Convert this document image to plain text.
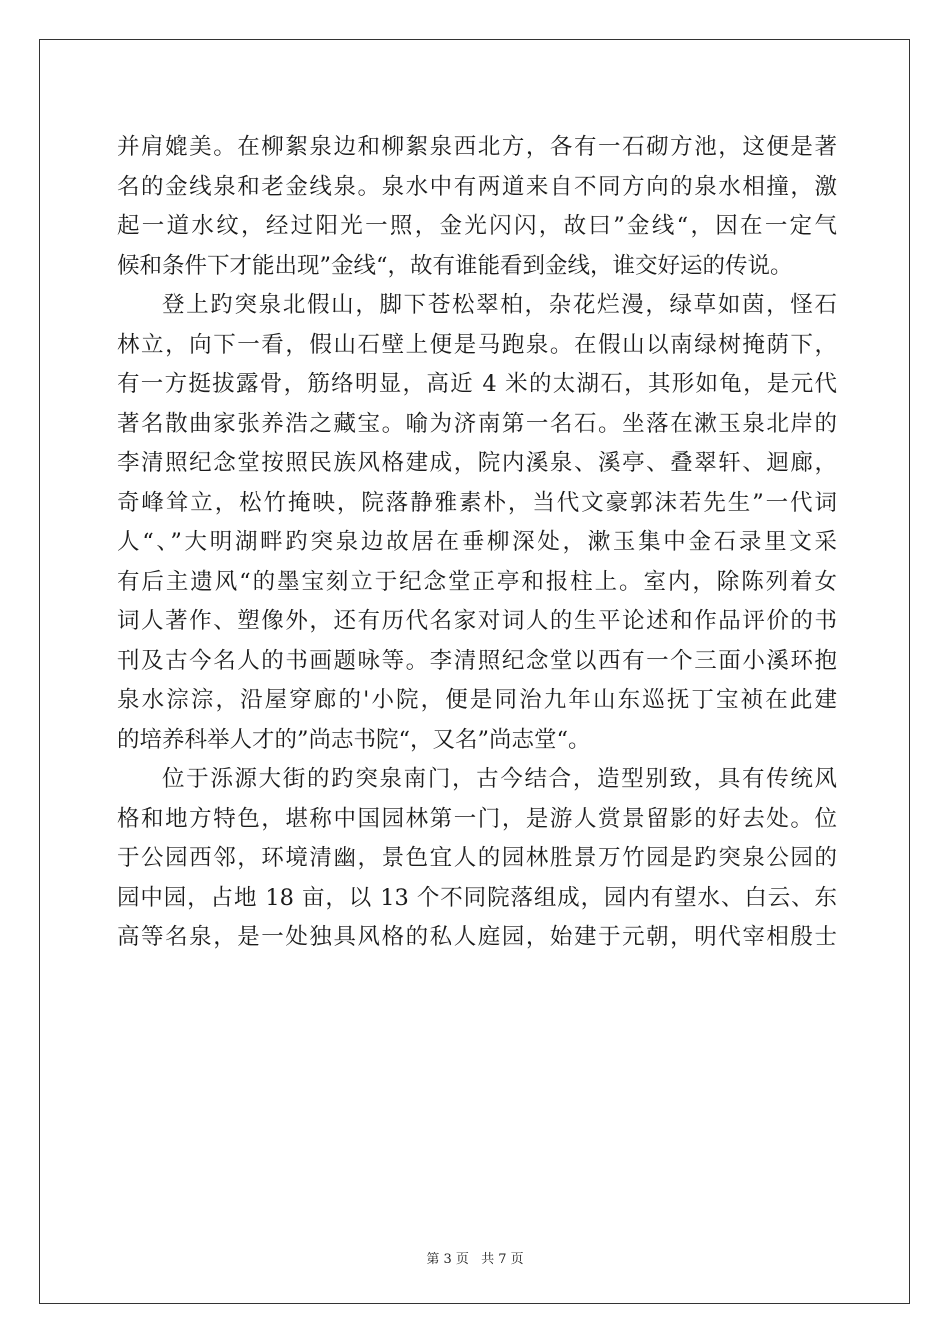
并肩媲美。在柳絮泉边和柳絮泉西北方，各有一石砌方池，这便是著
名的金线泉和老金线泉。泉水中有两道来自不同方向的泉水相撞，激
起一道水纹，经过阳光一照，金光闪闪，故曰”金线“，因在一定气
候和条件下才能出现”金线“，故有谁能看到金线，谁交好运的传说。
登上趵突泉北假山，脚下苍松翠柏，杂花烂漫，绿草如茵，怪石
林立，向下一看，假山石壁上便是马跑泉。在假山以南绿树掩荫下，
有一方挺拔露骨，筋络明显，高近 4 米的太湖石，其形如龟，是元代
著名散曲家张养浩之藏宝。喻为济南第一名石。坐落在漱玉泉北岸的
李清照纪念堂按照民族风格建成，院内溪泉、溪亭、叠翠轩、迴廊，
奇峰耸立，松竹掩映，院落静雅素朴，当代文豪郭沫若先生”一代词
人“、”大明湖畔趵突泉边故居在垂柳深处，漱玉集中金石录里文采
有后主遗风“的墨宝刻立于纪念堂正亭和报柱上。室内，除陈列着女
词人著作、塑像外，还有历代名家对词人的生平论述和作品评价的书
刊及古今名人的书画题咏等。李清照纪念堂以西有一个三面小溪环抱
泉水淙淙，沿屋穿廊的'小院，便是同治九年山东巡抚丁宝祯在此建
的培养科举人才的”尚志书院“，又名”尚志堂“。
位于泺源大街的趵突泉南门，古今结合，造型别致，具有传统风
格和地方特色，堪称中国园林第一门，是游人赏景留影的好去处。位
于公园西邻，环境清幽，景色宜人的园林胜景万竹园是趵突泉公园的
园中园，占地 18 亩，以 13 个不同院落组成，园内有望水、白云、东
高等名泉，是一处独具风格的私人庭园，始建于元朝，明代宰相殷士
第 3 页 共 7 页
